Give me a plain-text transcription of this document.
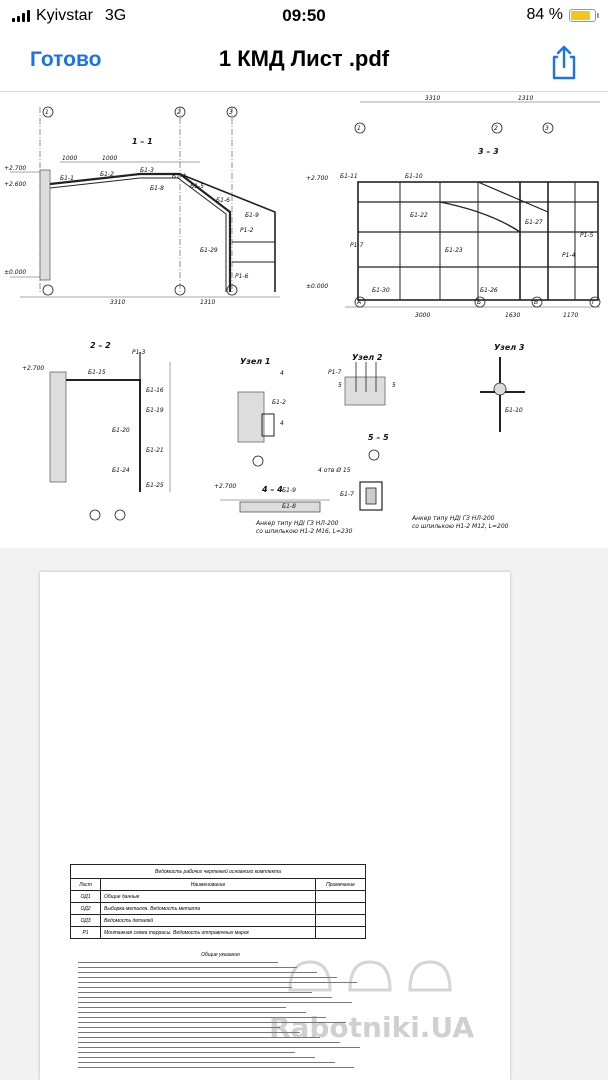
Kyivstar 3G	09:50	84 %
Готово	1 КМД Лист .pdf
1 – 1
3 – 3
2 – 2
Узел 1	Узел 2
Узел 3
4 – 4
5 – 5
1	2	3
1	2	3
А	Б	В	Г
1000	1000
3310	1310
3310	1310
3000	1630	1170
+2.700
+2.600
±0.000
+2.700
±0.000
+2.700
+2.700
Б1-1
Б1-2
Б1-3
Б1-5
Б1-6
Б1-8
Б1-9
Б1-29
Р1-6
Р1-2
Б1-15
Б1-16
Б1-19
Б1-20
Б1-21
Б1-24
Б1-25
Б1-10
Б1-11
Р1-3
Р1-4
Р1-5
Р1-7
Б1-27
Б1-30
Б1-22
Б1-23
Б1-26
Б1-4
Анкер типу НДІ ГЗ НЛ-200
со шпилькою Н1-2 М16, L=230
Анкер типу НДІ ГЗ НЛ-200
со шпилькою Н1-2 М12, L=200
4
4
5	5
Р1-7
Б1-2
Б1-9
Б1-8
Б1-7
Б1-10
4 отв Ø 15
Ведомость рабочих чертежей основного комплекта		
Лист	Наименование	Примечание
ОД1	Общие данные	
ОД2	Выборка металла. Ведомость металла	
ОД3	Ведомость деталей	
Р1	Монтажная схема террасы. Ведомость отправочных марок	
Общие указания
Rabotniki.UA
